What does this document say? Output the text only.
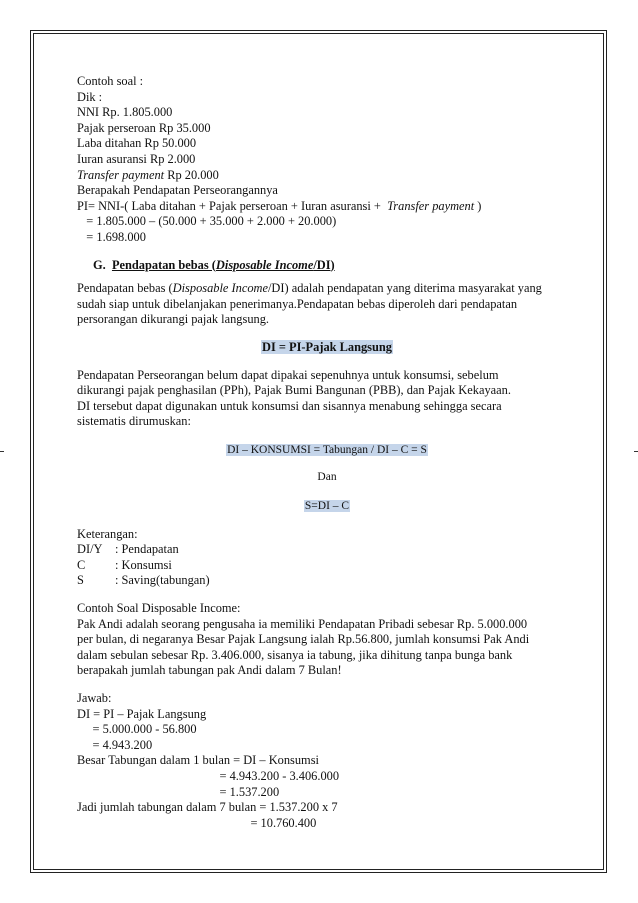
Contoh soal :
Dik :
NNI Rp. 1.805.000
Pajak perseroan Rp 35.000
Laba ditahan Rp 50.000
Iuran asuransi Rp 2.000
Transfer payment Rp 20.000
Berapakah Pendapatan Perseorangannya
PI= NNI-( Laba ditahan + Pajak perseroan + Iuran asuransi +  Transfer payment )
= 1.805.000 – (50.000 + 35.000 + 2.000 + 20.000)
= 1.698.000
G. Pendapatan bebas (Disposable Income/DI)
Pendapatan bebas (Disposable Income/DI) adalah pendapatan yang diterima masyarakat yang
sudah siap untuk dibelanjakan penerimanya.Pendapatan bebas diperoleh dari pendapatan
persorangan dikurangi pajak langsung.
DI = PI-Pajak Langsung
Pendapatan Perseorangan belum dapat dipakai sepenuhnya untuk konsumsi, sebelum
dikurangi pajak penghasilan (PPh), Pajak Bumi Bangunan (PBB), dan Pajak Kekayaan.
DI tersebut dapat digunakan untuk konsumsi dan sisannya menabung sehingga secara
sistematis dirumuskan:
DI – KONSUMSI = Tabungan / DI – C = S
Dan
S=DI – C
Keterangan:
DI/Y	: Pendapatan
C	: Konsumsi
S	: Saving(tabungan)
Contoh Soal Disposable Income:
Pak Andi adalah seorang pengusaha ia memiliki Pendapatan Pribadi sebesar Rp. 5.000.000
per bulan, di negaranya Besar Pajak Langsung ialah Rp.56.800, jumlah konsumsi Pak Andi
dalam sebulan sebesar Rp. 3.406.000, sisanya ia tabung, jika dihitung tanpa bunga bank
berapakah jumlah tabungan pak Andi dalam 7 Bulan!
Jawab:
DI = PI – Pajak Langsung
= 5.000.000 - 56.800
= 4.943.200
Besar Tabungan dalam 1 bulan = DI – Konsumsi
= 4.943.200 - 3.406.000
= 1.537.200
Jadi jumlah tabungan dalam 7 bulan = 1.537.200 x 7
= 10.760.400
